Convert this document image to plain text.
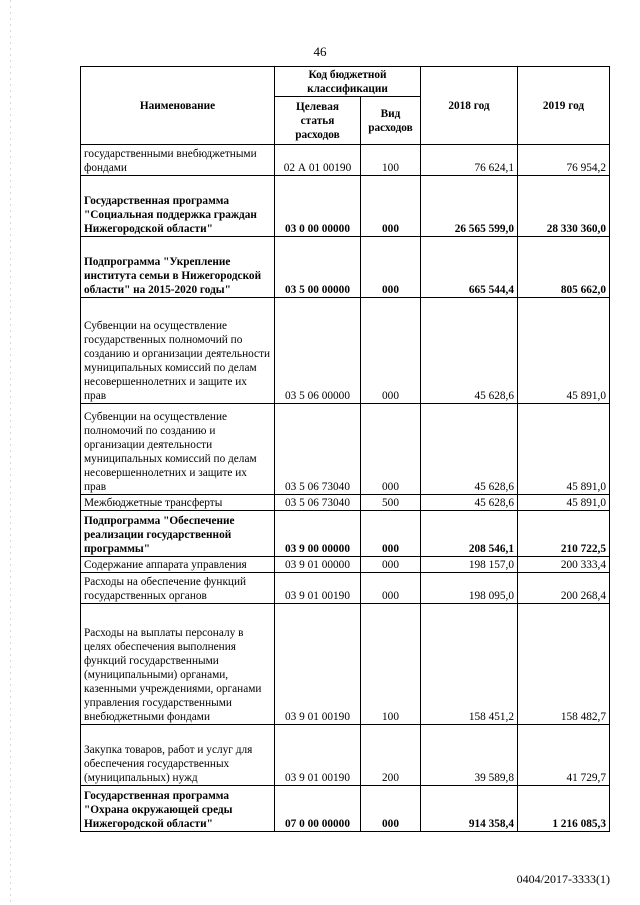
46
Наименование	Код бюджетной классификации		2018 год	2019 год
	Целевая статья расходов	Вид расходов		
государственными внебюджетными фондами	02 А 01 00190	100	76 624,1	76 954,2
Государственная программа "Социальная поддержка граждан Нижегородской области"	03 0 00 00000	000	26 565 599,0	28 330 360,0
Подпрограмма "Укрепление института семьи в Нижегородской области" на 2015-2020 годы"	03 5 00 00000	000	665 544,4	805 662,0
Субвенции на осуществление государственных полномочий по созданию и организации деятельности муниципальных комиссий по делам несовершеннолетних и защите их прав	03 5 06 00000	000	45 628,6	45 891,0
Субвенции на осуществление полномочий по созданию и организации деятельности муниципальных комиссий по делам несовершеннолетних и защите их прав	03 5 06 73040	000	45 628,6	45 891,0
Межбюджетные трансферты	03 5 06 73040	500	45 628,6	45 891,0
Подпрограмма "Обеспечение реализации государственной программы"	03 9 00 00000	000	208 546,1	210 722,5
Содержание аппарата управления	03 9 01 00000	000	198 157,0	200 333,4
Расходы на обеспечение функций государственных органов	03 9 01 00190	000	198 095,0	200 268,4
Расходы на выплаты персоналу в целях обеспечения выполнения функций государственными (муниципальными) органами, казенными учреждениями, органами управления государственными внебюджетными фондами	03 9 01 00190	100	158 451,2	158 482,7
Закупка товаров, работ и услуг для обеспечения государственных (муниципальных) нужд	03 9 01 00190	200	39 589,8	41 729,7
Государственная программа "Охрана окружающей среды Нижегородской области"	07 0 00 00000	000	914 358,4	1 216 085,3
0404/2017-3333(1)
